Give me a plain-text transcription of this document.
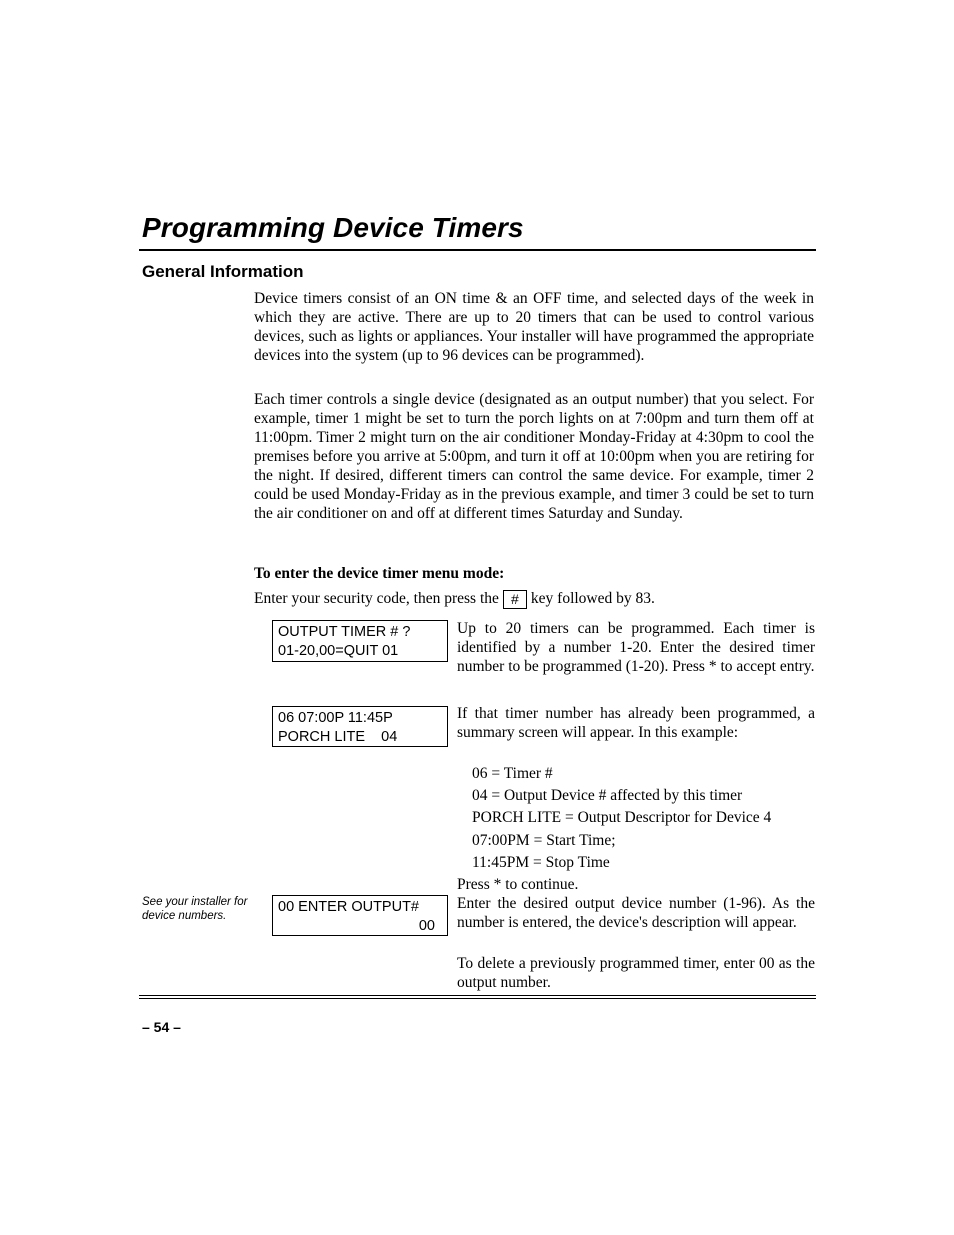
Programming Device Timers
General Information

Device timers consist of an ON time & an OFF time, and selected days of the week in which they are active. There are up to 20 timers that can be used to control various devices, such as lights or appliances. Your installer will have programmed the appropriate devices into the system (up to 96 devices can be programmed).

Each timer controls a single device (designated as an output number) that you select. For example, timer 1 might be set to turn the porch lights on at 7:00pm and turn them off at 11:00pm. Timer 2 might turn on the air conditioner Monday-Friday at 4:30pm to cool the premises before you arrive at 5:00pm, and turn it off at 10:00pm when you are retiring for the night. If desired, different timers can control the same device. For example, timer 2 could be used Monday-Friday as in the previous example, and timer 3 could be set to turn the air conditioner on and off at different times Saturday and Sunday.

To enter the device timer menu mode:
Enter your security code, then press the # key followed by 83.
OUTPUT TIMER # ?
01-20,00=QUIT 01

Up to 20 timers can be programmed. Each timer is identified by a number 1-20. Enter the desired timer number to be programmed (1-20). Press * to accept entry.

06 07:00P 11:45P
PORCH LITE    04

If that timer number has already been programmed, a summary screen will appear. In this example:

06 = Timer #
04 = Output Device # affected by this timer
PORCH LITE = Output Descriptor for Device 4
07:00PM = Start Time;
11:45PM = Stop Time
Press * to continue.
See your installer for device numbers.
00 ENTER OUTPUT#
00

Enter the desired output device number (1-96). As the number is entered, the device's description will appear.

To delete a previously programmed timer, enter 00 as the output number.

– 54 –
